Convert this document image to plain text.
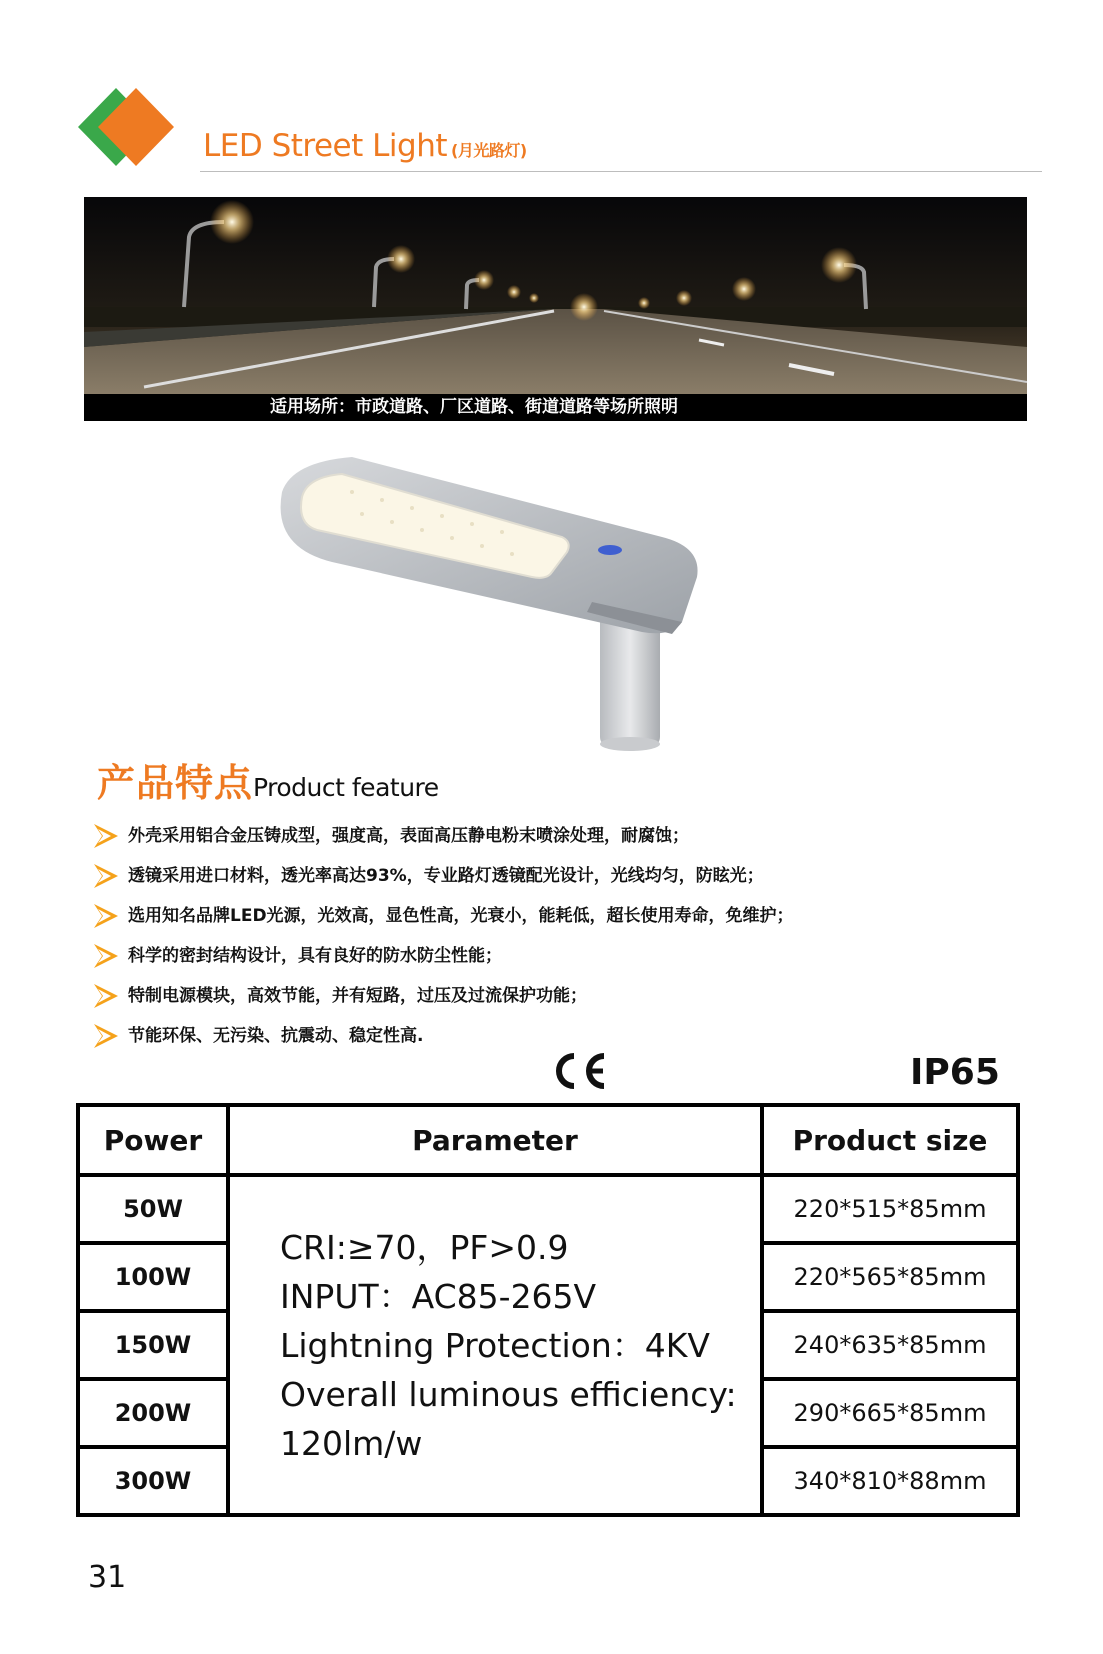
LED Street Light (月光路灯)
适用场所：市政道路、厂区道路、街道道路等场所照明
产品特点Product feature
外壳采用铝合金压铸成型，强度高，表面高压静电粉末喷涂处理，耐腐蚀；
透镜采用进口材料，透光率高达93%，专业路灯透镜配光设计，光线均匀，防眩光；
选用知名品牌LED光源，光效高，显色性高，光衰小，能耗低，超长使用寿命，免维护；
科学的密封结构设计，具有良好的防水防尘性能；
特制电源模块，高效节能，并有短路，过压及过流保护功能；
节能环保、无污染、抗震动、稳定性高.
IP65
Power	Parameter	Product size
50W	CRI:≥70，PF>0.9
INPUT：AC85-265V
Lightning Protection：4KV
Overall luminous efficiency:
120lm/w	220*515*85mm
100W		220*565*85mm
150W		240*635*85mm
200W		290*665*85mm
300W		340*810*88mm
31
